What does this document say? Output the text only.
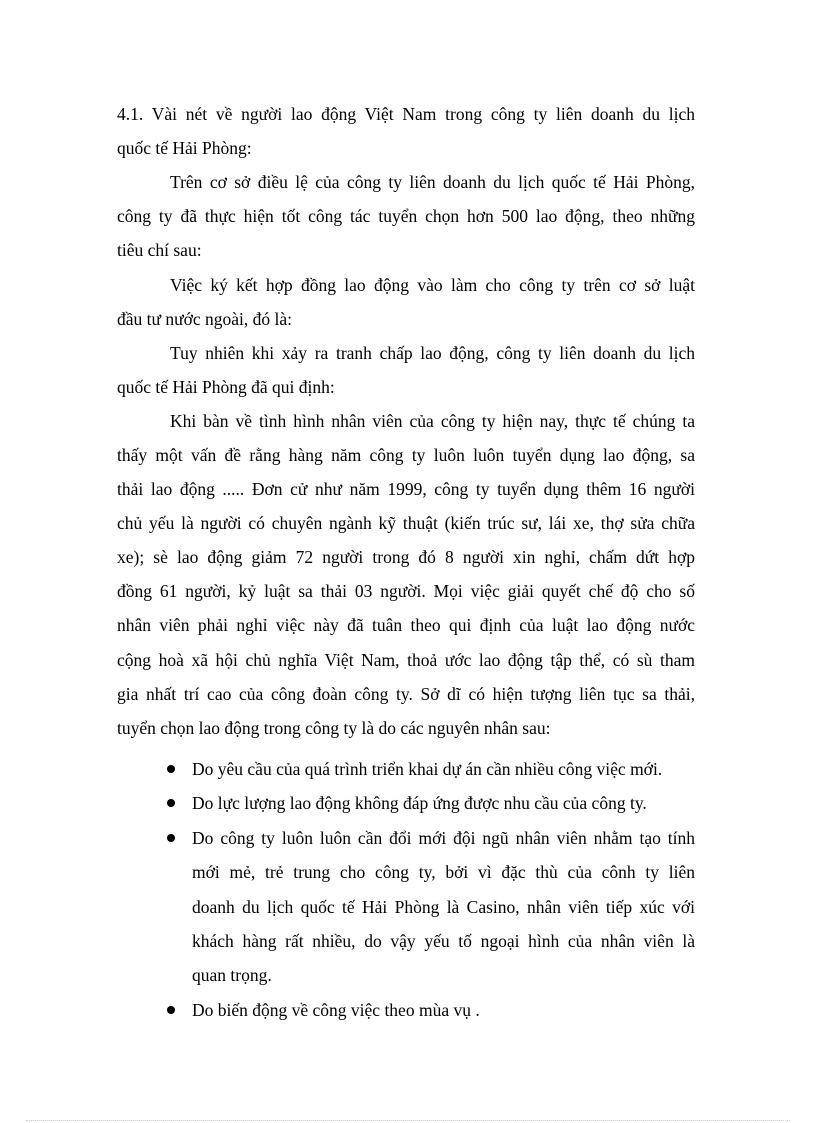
4.1. Vài nét về người lao động Việt Nam trong công ty liên doanh du lịch
quốc tế Hải Phòng:
Trên cơ sở điều lệ của công ty liên doanh du lịch quốc tế Hải Phòng,
công ty đã thực hiện tốt công tác tuyển chọn hơn 500 lao động, theo những
tiêu chí sau:
Việc ký kết hợp đồng lao động vào làm cho công ty trên cơ sở luật
đầu tư nước ngoài, đó là:
Tuy nhiên khi xảy ra tranh chấp lao động, công ty liên doanh du lịch
quốc tế Hải Phòng đã qui định:
Khi bàn về tình hình nhân viên của công ty hiện nay, thực tế chúng ta
thấy một vấn đề rằng hàng năm công ty luôn luôn tuyển dụng lao động, sa
thải lao động ..... Đơn cử như năm 1999, công ty tuyển dụng thêm 16 người
chủ yếu là người có chuyên ngành kỹ thuật (kiến trúc sư, lái xe, thợ sửa chữa
xe); sè lao động giảm 72 người trong đó 8 người xin nghỉ, chấm dứt hợp
đồng 61 người, kỷ luật sa thải 03 người. Mọi việc giải quyết chế độ cho số
nhân viên phải nghỉ việc này đã tuân theo qui định của luật lao động nước
cộng hoà xã hội chủ nghĩa Việt Nam, thoả ước lao động tập thể, có sù tham
gia nhất trí cao của công đoàn công ty. Sở dĩ có hiện tượng liên tục sa thải,
tuyển chọn lao động trong công ty là do các nguyên nhân sau:
Do yêu cầu của quá trình triển khai dự án cần nhiều công việc mới.
Do lực lượng lao động không đáp ứng được nhu cầu của công ty.
Do công ty luôn luôn cần đổi mới đội ngũ nhân viên nhằm tạo tính
mới mẻ, trẻ trung cho công ty, bởi vì đặc thù của cônh ty liên
doanh du lịch quốc tế Hải Phòng là Casino, nhân viên tiếp xúc với
khách hàng rất nhiều, do vậy yếu tố ngoại hình của nhân viên là
quan trọng.
Do biến động về công việc theo mùa vụ .
